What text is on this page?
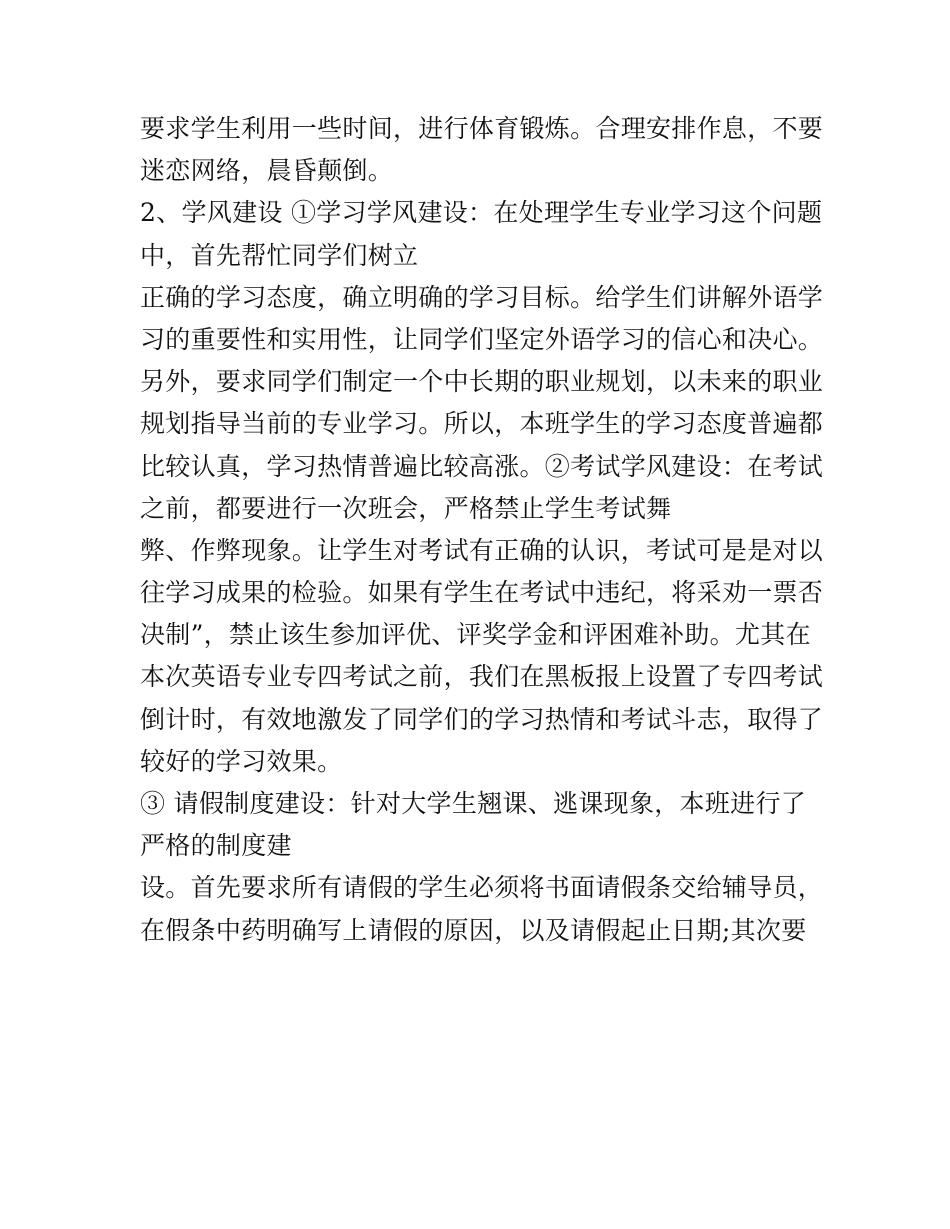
要求学生利用一些时间，进行体育锻炼。合理安排作息，不要
迷恋网络，晨昏颠倒。
2、学风建设 ①学习学风建设：在处理学生专业学习这个问题
中，首先帮忙同学们树立
正确的学习态度，确立明确的学习目标。给学生们讲解外语学
习的重要性和实用性，让同学们坚定外语学习的信心和决心。
另外，要求同学们制定一个中长期的职业规划，以未来的职业
规划指导当前的专业学习。所以，本班学生的学习态度普遍都
比较认真，学习热情普遍比较高涨。②考试学风建设：在考试
之前，都要进行一次班会，严格禁止学生考试舞
弊、作弊现象。让学生对考试有正确的认识，考试可是是对以
往学习成果的检验。如果有学生在考试中违纪，将采劝一票否
决制”，禁止该生参加评优、评奖学金和评困难补助。尤其在
本次英语专业专四考试之前，我们在黑板报上设置了专四考试
倒计时，有效地激发了同学们的学习热情和考试斗志，取得了
较好的学习效果。
③ 请假制度建设：针对大学生翘课、逃课现象，本班进行了
严格的制度建
设。首先要求所有请假的学生必须将书面请假条交给辅导员，
在假条中药明确写上请假的原因，以及请假起止日期;其次要
